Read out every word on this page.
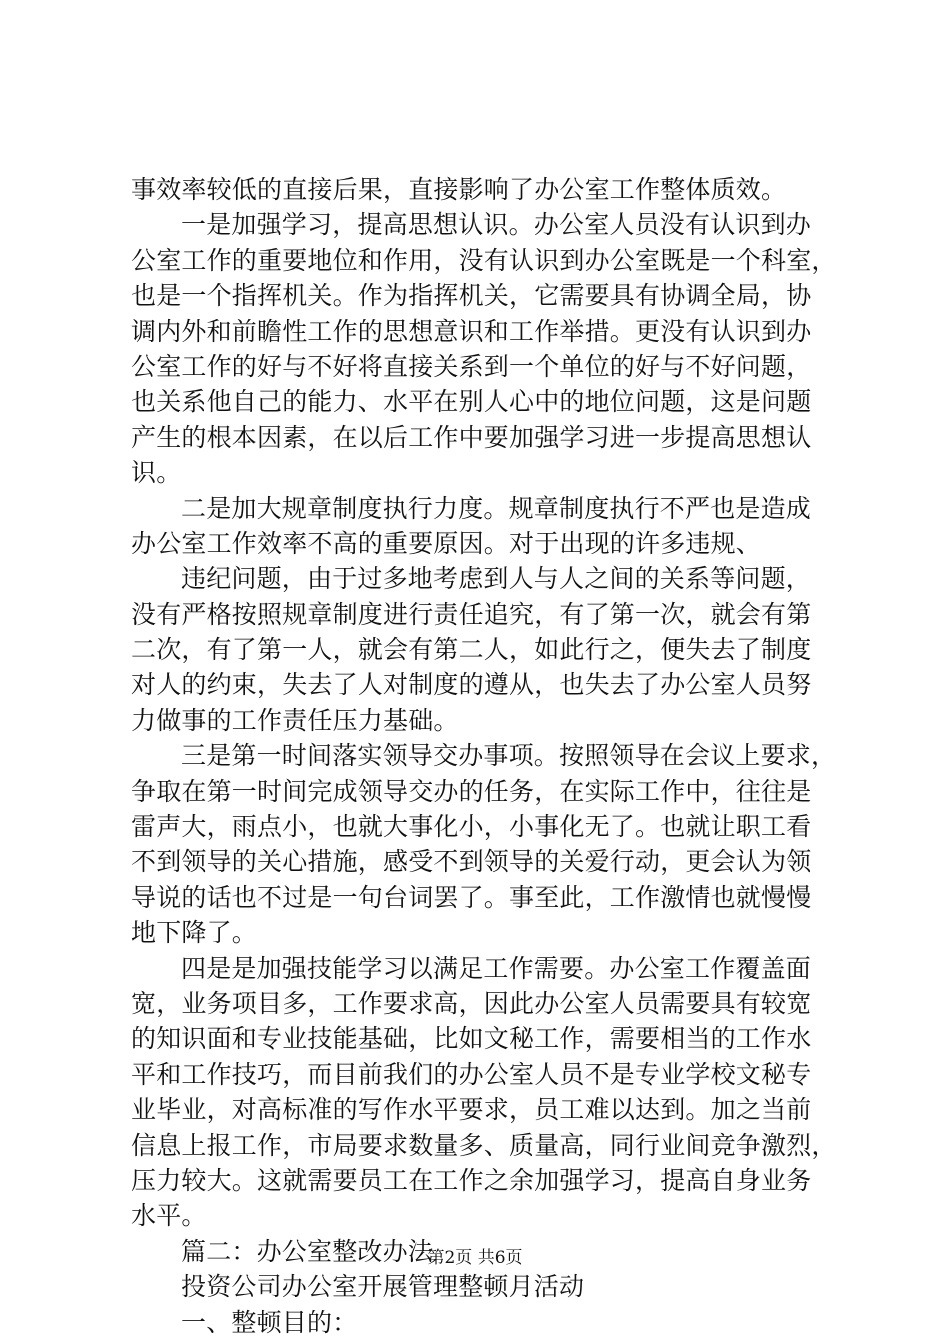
事效率较低的直接后果，直接影响了办公室工作整体质效。
一是加强学习，提高思想认识。办公室人员没有认识到办
公室工作的重要地位和作用，没有认识到办公室既是一个科室，
也是一个指挥机关。作为指挥机关，它需要具有协调全局，协
调内外和前瞻性工作的思想意识和工作举措。更没有认识到办
公室工作的好与不好将直接关系到一个单位的好与不好问题，
也关系他自己的能力、水平在别人心中的地位问题，这是问题
产生的根本因素，在以后工作中要加强学习进一步提高思想认
识。
二是加大规章制度执行力度。规章制度执行不严也是造成
办公室工作效率不高的重要原因。对于出现的许多违规、
违纪问题，由于过多地考虑到人与人之间的关系等问题，
没有严格按照规章制度进行责任追究，有了第一次，就会有第
二次，有了第一人，就会有第二人，如此行之，便失去了制度
对人的约束，失去了人对制度的遵从，也失去了办公室人员努
力做事的工作责任压力基础。
三是第一时间落实领导交办事项。按照领导在会议上要求，
争取在第一时间完成领导交办的任务，在实际工作中，往往是
雷声大，雨点小，也就大事化小，小事化无了。也就让职工看
不到领导的关心措施，感受不到领导的关爱行动，更会认为领
导说的话也不过是一句台词罢了。事至此，工作激情也就慢慢
地下降了。
四是是加强技能学习以满足工作需要。办公室工作覆盖面
宽，业务项目多，工作要求高，因此办公室人员需要具有较宽
的知识面和专业技能基础，比如文秘工作，需要相当的工作水
平和工作技巧，而目前我们的办公室人员不是专业学校文秘专
业毕业，对高标准的写作水平要求，员工难以达到。加之当前
信息上报工作，市局要求数量多、质量高，同行业间竞争激烈，
压力较大。这就需要员工在工作之余加强学习，提高自身业务
水平。
篇二：办公室整改办法
投资公司办公室开展管理整顿月活动
一、整顿目的：
第2页 共6页
